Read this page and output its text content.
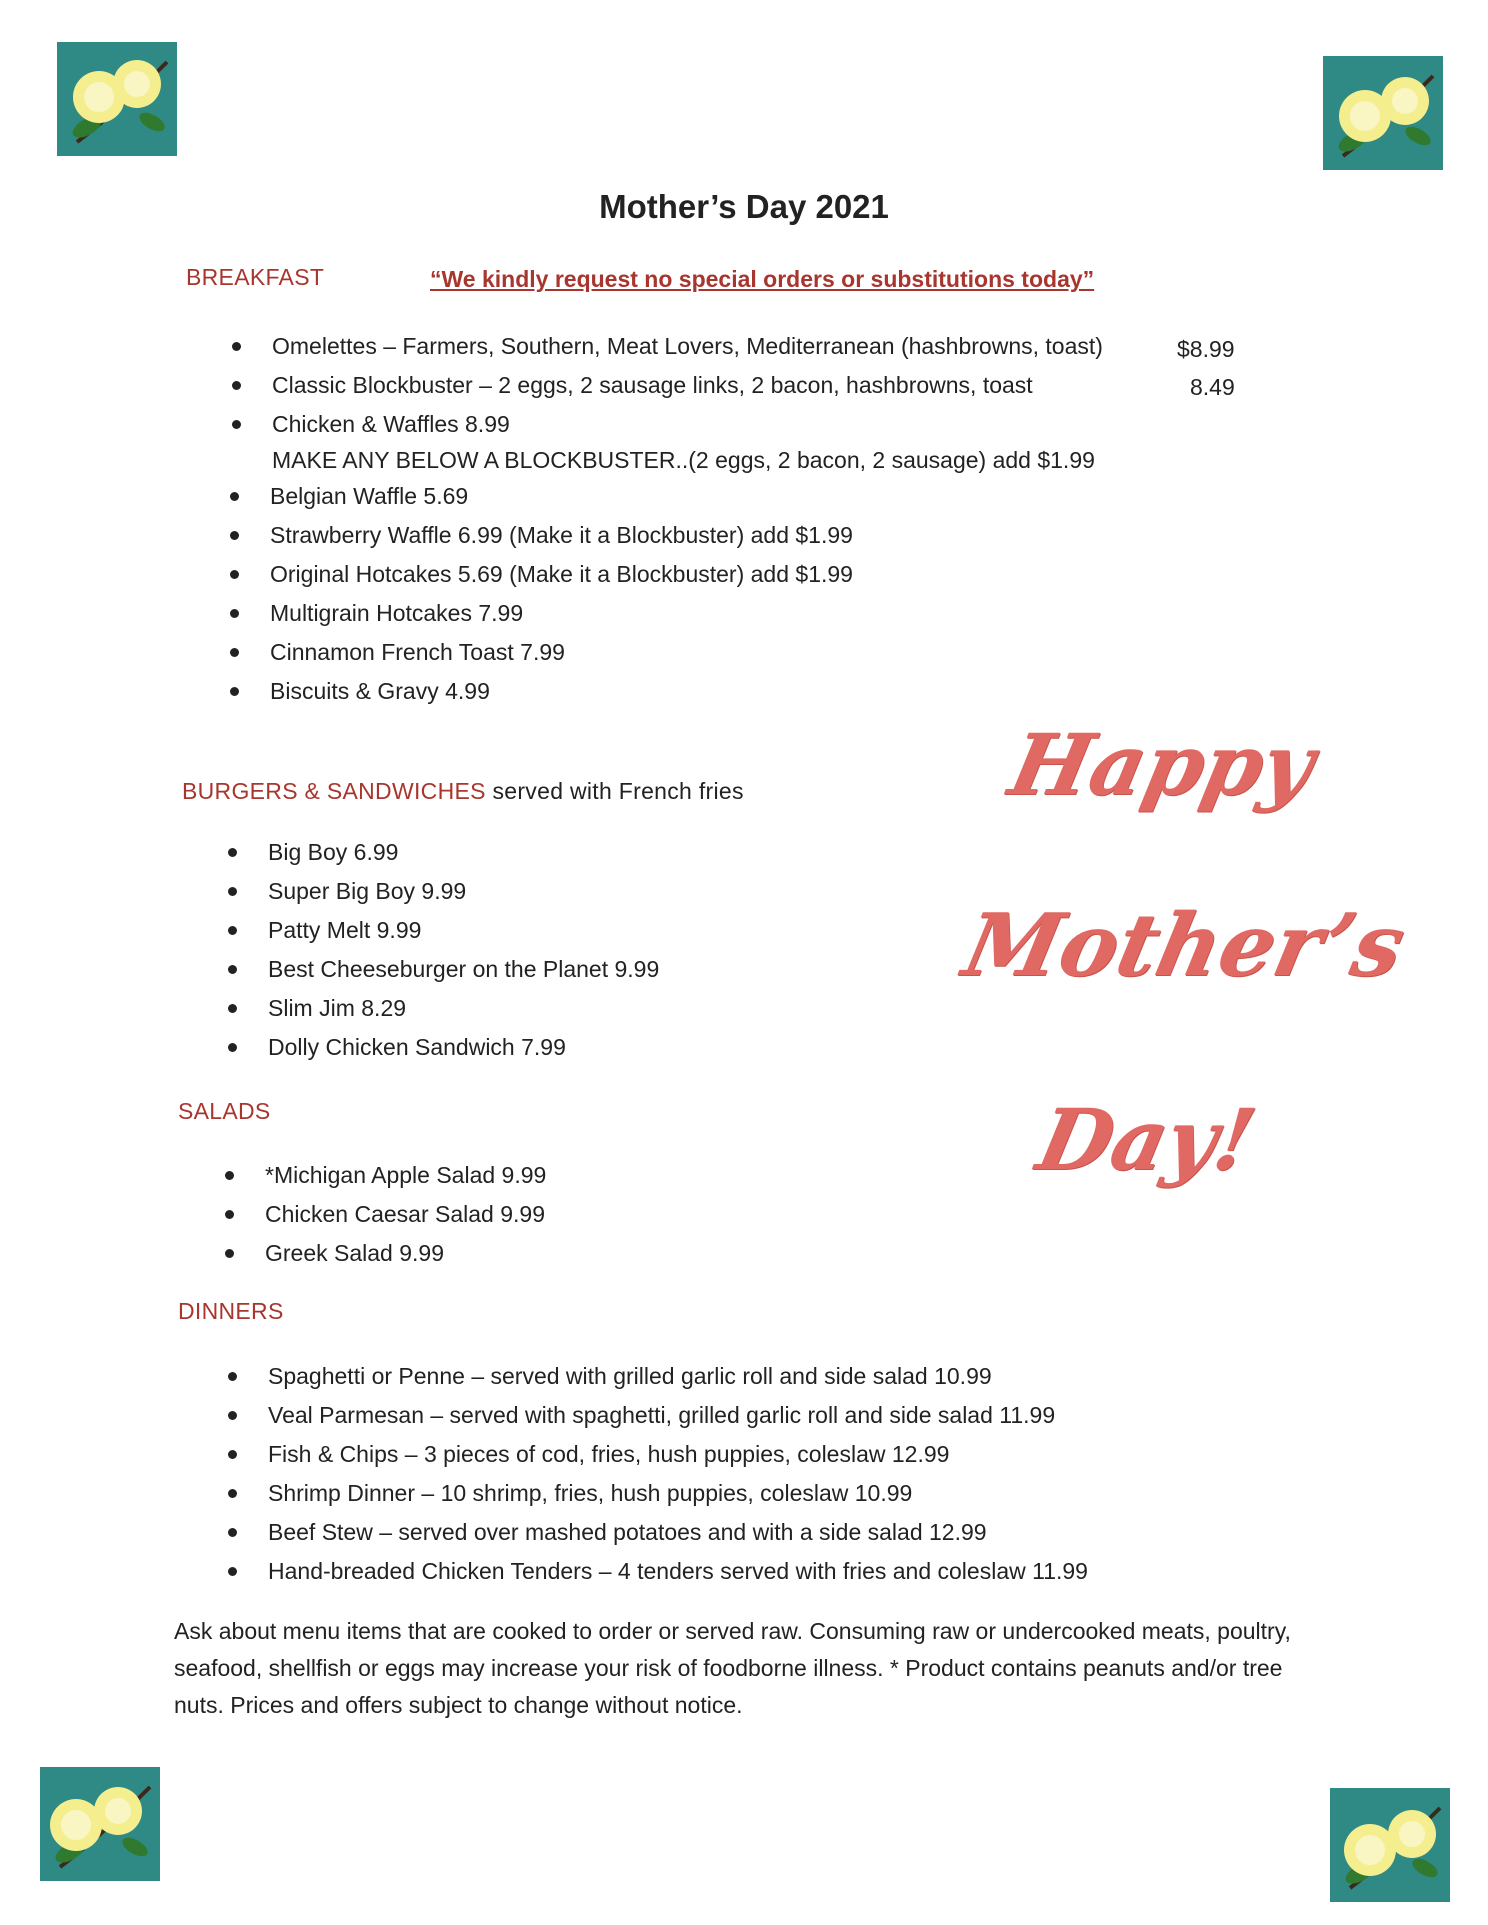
Mother’s Day 2021
BREAKFAST	“We kindly request no special orders or substitutions today”
Omelettes – Farmers, Southern, Meat Lovers, Mediterranean (hashbrowns, toast)
Classic Blockbuster – 2 eggs, 2 sausage links, 2 bacon, hashbrowns, toast
Chicken & Waffles 8.99
$8.99
8.49
MAKE ANY BELOW A BLOCKBUSTER..(2 eggs, 2 bacon, 2 sausage) add $1.99
Belgian Waffle 5.69
Strawberry Waffle 6.99 (Make it a Blockbuster) add $1.99
Original Hotcakes 5.69 (Make it a Blockbuster) add $1.99
Multigrain Hotcakes 7.99
Cinnamon French Toast 7.99
Biscuits & Gravy 4.99
BURGERS & SANDWICHES served with French fries
Big Boy 6.99
Super Big Boy 9.99
Patty Melt 9.99
Best Cheeseburger on the Planet 9.99
Slim Jim 8.29
Dolly Chicken Sandwich 7.99
SALADS
*Michigan Apple Salad 9.99
Chicken Caesar Salad 9.99
Greek Salad 9.99
DINNERS
Spaghetti or Penne – served with grilled garlic roll and side salad 10.99
Veal Parmesan – served with spaghetti, grilled garlic roll and side salad 11.99
Fish & Chips – 3 pieces of cod, fries, hush puppies, coleslaw 12.99
Shrimp Dinner – 10 shrimp, fries, hush puppies, coleslaw 10.99
Beef Stew – served over mashed potatoes and with a side salad 12.99
Hand-breaded Chicken Tenders – 4 tenders served with fries and coleslaw 11.99
Ask about menu items that are cooked to order or served raw. Consuming raw or undercooked meats, poultry, seafood, shellfish or eggs may increase your risk of foodborne illness. * Product contains peanuts and/or tree nuts. Prices and offers subject to change without notice.
Happy
Mother’s
Day!
